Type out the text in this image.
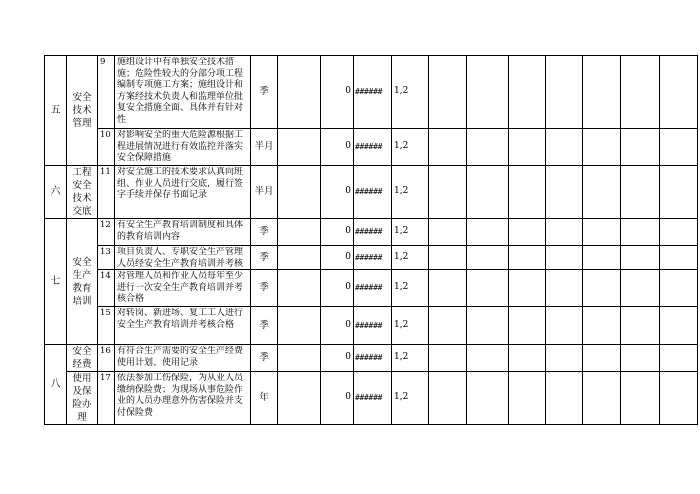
五	安全技术管理	9	施组设计中有单独安全技术措施；危险性较大的分部分项工程编制专项施工方案；施组设计和方案经技术负责人和监理单位批复安全措施全面、具体并有针对性	季		0	######	1,2							
		10	对影响安全的重大危险源根据工程进展情况进行有效监控并落实安全保障措施	半月		0	######	1,2							
六	工程安全技术交底	11	对安全施工的技术要求认真向班组、作业人员进行交底，履行签字手续并保存书面记录	半月		0	######	1,2							
七	安全生产教育培训	12	有安全生产教育培训制度和具体的教育培训内容	季		0	######	1,2							
		13	项目负责人、专职安全生产管理人员经安全生产教育培训并考核	季		0	######	1,2							
		14	对管理人员和作业人员每年至少进行一次安全生产教育培训并考核合格	季		0	######	1,2							
		15	对转岗、新进场、复工工人进行安全生产教育培训并考核合格	季		0	######	1,2							
八	安全经费	16	有符合生产需要的安全生产经费使用计划、使用记录	季		0	######	1,2							
	使用及保险办理	17	依法参加工伤保险，为从业人员缴纳保险费；为现场从事危险作业的人员办理意外伤害保险并支付保险费	年		0	######	1,2							
